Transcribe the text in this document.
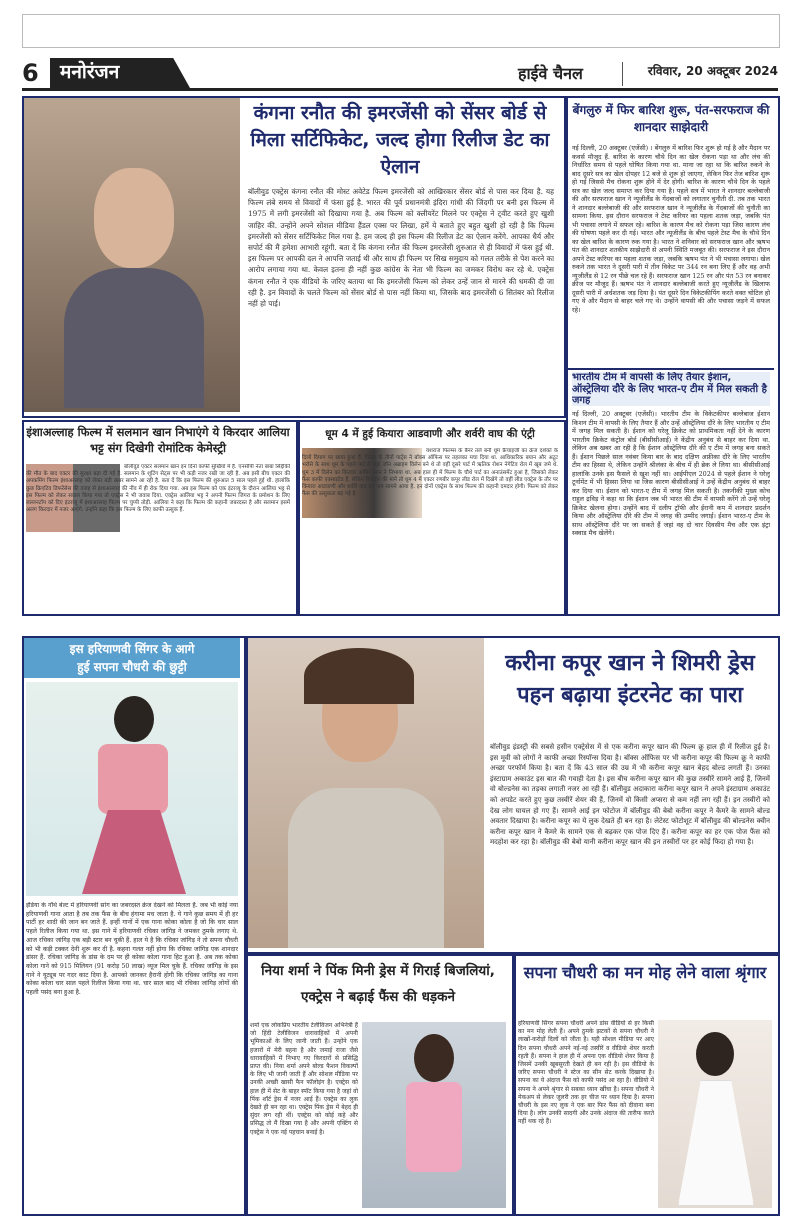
6	मनोरंजन	हाईवे चैनल	रविवार, 20 अक्टूबर 2024
कंगना रनौत की इमरजेंसी को सेंसर बोर्ड से मिला सर्टिफिकेट, जल्द होगा रिलीज डेट का ऐलान
बॉलीवुड एक्ट्रेस कंगना रनौत की मोस्ट अवेटेड फिल्म इमरजेंसी को आखिरकार सेंसर बोर्ड से पास कर दिया है. यह फिल्म लंबे समय से विवादों में फंसा हुई है. भारत की पूर्व प्रधानमंत्री इंदिरा गांधी की जिंदगी पर बनी इस फिल्म में 1975 में लगी इमरजेंसी को दिखाया गया है. अब फिल्म को क्लीयरेंट मिलने पर एक्ट्रेस ने ट्वीट करते हुए खुशी जाहिर की. उन्होंने अपने सोशल मीडिया हैंडल एक्स पर लिखा, हमें ये बताते हुए बहुत खुशी हो रही है कि फिल्म इमरजेंसी को सेंसर सर्टिफिकेट मिल गया है. हम जल्द ही इस फिल्म की रिलीज डेट का ऐलान करेंगे. आपका धैर्य और सपोर्ट की मैं हमेशा आभारी रहूंगी. बता दें कि कंगना रनौत की फिल्म इमरजेंसी शुरुआत से ही विवादों में फंस हुई थी. इस फिल्म पर आपकी दल ने आपत्ति जताई थी और साथ ही फिल्म पर सिख समुदाय को गलत तरीके से पेश करने का आरोप लगाया गया था. केवल इतना ही नहीं कुछ कांग्रेस के नेता भी फिल्म का जमकर विरोध कर रहे थे. एक्ट्रेस कंगना रनौत ने एक वीडियो के जरिए बताया था कि इमरजेंसी फिल्म को लेकर उन्हें जान से मारने की धमकी दी जा रही है. इन विवादों के चलते फिल्म को सेंसर बोर्ड से पास नहीं किया था, जिसके बाद इमरजेंसी 6 सितंबर को रिलीज नहीं हो पाई।
बेंगलुरु में फिर बारिश शुरू, पंत-सरफराज की शानदार साझेदारी
नई दिल्ली, 20 अक्टूबर (एजेंसी) । बेंगलुरु में बारिश फिर शुरू हो गई है और मैदान पर कवर्स मौजूद हैं. बारिश के कारण चौथे दिन का खेल रोकना पड़ा था और लंच की निर्धारित समय से पहले घोषित किया गया था. माना जा रहा था कि बारिश रुकने के बाद दूसरे सत्र का खेल दोपहर 12 बजे से शुरू हो जाएगा, लेकिन फिर तेज बारिश शुरू हो गई जिससे मैच रोकना शुरू होने में देर होगी। बारिश के कारण चौथे दिन के पहले सत्र का खेल जल्द समाप्त कर दिया गया है। पहले सत्र में भारत ने शानदार बल्लेबाजी की और सरफराज खान ने न्यूजीलैंड के गेंदबाजों को लगातार चुनौती दी. तब तक भारत ने शानदार बल्लेबाजी की और सरफराज खान ने न्यूजीलैंड के गेंदबाजों की चुनौती का सामना किया. इस दौरान सरफराज ने टेस्ट करियर का पहला शतक जड़ा, जबकि पंत भी पचासा लगाने में सफल रहे। बारिश के कारण मैच को रोकना पड़ा जिस कारण लंच की घोषणा पहले कर दी गई। भारत और न्यूजीलैंड के बीच पहले टेस्ट मैच के चौथे दिन का खेल बारिश के कारण रुक गया है। भारत ने शनिवार को सरफराज खान और ऋषभ पंत की शानदार शतकीय साझेदारी से अपनी स्थिति मजबूत की। सरफराज ने इस दौरान अपने टेस्ट करियर का पहला शतक जड़ा, जबकि ऋषभ पंत ने भी पचासा लगाया। खेल रुकने तक भारत ने दूसरी पारी में तीन विकेट पर 344 रन बना लिए हैं और वह अभी न्यूजीलैंड से 12 रन पीछे चल रहे हैं। सरफराज खान 125 रन और पंत 53 रन बनाकर क्रीज पर मौजूद हैं। ऋषभ पंत ने शानदार बल्लेबाजी करते हुए न्यूजीलैंड के खिलाफ दूसरी पारी में अर्धशतक जड़ दिया है। पंत दूसरे दिन विकेटकीपिंग करते वक्त चोटिल हो गए थे और मैदान से बाहर चले गए थे। उन्होंने वापसी की और पचासा जड़ने में सफल रहे।
भारतीय टीम में वापसी के लिए तैयार ईशान, ऑस्ट्रेलिया दौरे के लिए भारत-ए टीम में मिल सकती है जगह
नई दिल्ली, 20 अक्टूबर (एजेंसी)। भारतीय टीम के विकेटकीपर बल्लेबाज ईशान किशन टीम में वापसी के लिए तैयार हैं और उन्हें ऑस्ट्रेलिया दौरे के लिए भारतीय ए टीम में जगह मिल सकती है। ईशान को घरेलू क्रिकेट को प्राथमिकता नहीं देने के कारण भारतीय क्रिकेट कंट्रोल बोर्ड (बीसीसीआई) ने केंद्रीय अनुबंध से बाहर कर दिया था. लेकिन अब खबर आ रही है कि ईशान ऑस्ट्रेलिया दौरे की ए टीम में जगह बना सकते हैं। ईशान पिछले साल नवंबर किया बार के बाद दक्षिण अफ्रीका दौरे के लिए भारतीय टीम का हिस्सा थे, लेकिन उन्होंने श्रीलंका के बीच में ही ब्रेक ले लिया था। बीसीसीआई हालांकि उनके इस फैसले से खुश नहीं था। आईपीएल 2024 से पहले ईशान ने घरेलू टूर्नामेंट में भी हिस्सा लिया था जिस कारण बीसीसीआई ने उन्हें केंद्रीय अनुबंध से बाहर कर दिया था। ईशान को भारत-ए टीम में जगह मिल सकती है। तकनीकी मुख्य कोच राहुल द्रविड़ ने कहा था कि ईशान जब भी भारत की टीम में वापसी करेंगे तो उन्हें घरेलू क्रिकेट खेलना होगा। उन्होंने बाद में दलीप ट्रॉफी और ईरानी कप में शानदार प्रदर्शन किया और ऑस्ट्रेलिया दौरे की टीम में जगह की उम्मीद जगाई। ईशान भारत-ए टीम के साथ ऑस्ट्रेलिया दौरे पर जा सकते हैं जहां वह दो चार दिवसीय मैच और एक इंट्रा स्क्वाड मैच खेलेंगे।
इंशाअल्लाह फिल्म में सलमान खान निभाएंगे ये किरदार आलिया भट्ट संग दिखेगी रोमांटिक केमेस्ट्री
बॉलीवुड एक्टर सलमान खान इन दिनों काफी सुर्खियों में हैं. एनसीपी नेता बाबा सिद्दीकी की मौत के बाद एक्टर की सुरक्षा बढ़ा दी गई है. सलमान के शूटिंग सेट्स पर भी कड़ी नजर रखी जा रही है. अब इसी बीच एक्टर की अपकमिंग फिल्म इंशाअल्लाह को लेकर बड़ी खबर सामने आ रही है. बता दें कि इस फिल्म की शुरुआत 5 साल पहले हुई थी. हालांकि कुछ क्रिएटिव डिफरेंसेस की वजह से इंशाअल्लाह की नींव में ही रोक दिया गया. अब इस फिल्म को एक इंटरव्यू के दौरान आलिया भट्ट से इस फिल्म को लेकर सवाल किया गया तो एक्ट्रेस ने भी जवाब दिया. एक्ट्रेस आलिया भट्ट ने अपनी फिल्म जिगरा के प्रमोशन के लिए लल्लनटॉप को दिए इंटरव्यू में इंशाअल्लाह फिल्म पर चुप्पी तोड़ी. आलिया ने कहा कि फिल्म की कहानी जबरदस्त है और सलमान इसमें अलग किरदार में नजर आएंगे. उन्होंने कहा कि इस फिल्म के लिए काफी उत्सुक हैं.
धूम 4 में हुई कियारा आडवाणी और शर्वरी वाघ की एंट्री
यशराज फिल्म्स के बैनर तले बनी धूम फ्रैंचाइजी का क्रेज दर्शकों के दिलों दिमाग पर छाया हुआ है. फिल्म के तीनों पार्ट्स ने बॉक्स ऑफिस पर तहलका मचा दिया था. आधिकारिक बयान और अटूट भरोसे के साथ धूम के पहले पार्ट में जहां जॉन अब्राहम विलेन बने थे तो वहीं दूसरे पार्ट में ऋतिक रोशन नेगेटिव रोल में खूब जमे थे. धूम 3 में विलेन का किरदार आमिर खान ने निभाया था. अब हाल ही में फिल्म के चौथे पार्ट का अनाउंसमेंट हुआ है, जिसको लेकर फैंस काफी एक्साइटेड हैं. लेकिन रिपोर्ट्स की मानें तो धूम 4 में एक्टर रणबीर कपूर लीड रोल में दिखेंगे तो वहीं लीड एक्ट्रेस के तौर पर कियारा आडवाणी और शर्वरी वाघ का नाम सामने आया है. इन दोनों एक्ट्रेस के साथ फिल्म की कहानी दमदार होगी। फिल्म को लेकर फैंस की उत्सुकता बढ़ गई है.
इस हरियाणवी सिंगर के आगे
हुई सपना चौधरी की छुट्टी
इंडिया के नॉर्थ बेल्ट में हरियाणवी सांग का जबरदस्त क्रेज देखने को मिलता है. जब भी कोई नया हरियाणवी गाना आता है तब तक फैंस के बीच हंगामा मच जाता है. ये गाने कुछ समय में ही हर पार्टी हर शादी की जान बन जाते हैं. इन्हीं गानों में एक गाना कोका कोला है जो कि चार साल पहले रिलीज किया गया था. इस गाने में हरियाणवी रचिका जांगिड़ ने जमकर ठुमके लगाए थे. आज रचिका जांगिड़ एक बड़ी स्टार बन चुकी हैं. हाल ये है कि रचिका जांगिड़ ने तो सपना चौधरी को भी कड़ी टक्कर देनी शुरू कर दी है. कहना गलत नहीं होगा कि रचिका जांगिड़ एक शानदार डांसर हैं. रचिका जांगिड़ के डांस के दम पर ही कोका कोला गाना हिट हुआ है. अब तक कोका कोला गाने को 915 मिलियन (91 करोड़ 50 लाख) व्यूज मिल चुके हैं. रचिका जांगिड़ के इस गाने ने यूट्यूब पर गदर काट दिया है. आपको जानकर हैरानी होगी कि रचिका जांगिड़ का गाना कोका कोला चार साल पहले रिलीज किया गया था. चार साल बाद भी रचिका जांगिड़ लोगों की पहली पसंद बना हुआ है.
करीना कपूर खान ने शिमरी ड्रेस पहन बढ़ाया इंटरनेट का पारा
बॉलीवुड इंडस्ट्री की सबसे हसीन एक्ट्रेसेस में से एक करीना कपूर खान की फिल्म क्रू हाल ही में रिलीज हुई है। इस मूवी को लोगों ने काफी अच्छा रिस्पॉन्स दिया है। बॉक्स ऑफिस पर भी करीना कपूर की फिल्म क्रू ने काफी अच्छा परफॉर्म किया है। बता दें कि 43 साल की उम्र में भी करीना कपूर खान बेहद बोल्ड लगती हैं। उनका इंस्टाग्राम अकाउंट इस बात की गवाही देता है। इस बीच करीना कपूर खान की कुछ तस्वीरें सामने आई हैं, जिनमें वो बोल्डनेस का तड़का लगाती नजर आ रही हैं। बॉलीवुड अदाकारा करीना कपूर खान ने अपने इंस्टाग्राम अकाउंट को अपडेट करते हुए कुछ तस्वीरें शेयर की हैं, जिनमें वो किसी अप्सरा से कम नहीं लग रही हैं। इन तस्वीरों को देख लोग घायल हो गए हैं। सामने आई इन फोटोज में बॉलीवुड की बेबो करीना कपूर ने कैमरे के सामने बोल्ड अवतार दिखाया है। करीना कपूर का ये लुक देखते ही बन रहा है। लेटेस्ट फोटोशूट में बॉलीवुड की बोल्डनेस क्वीन करीना कपूर खान ने कैमरे के सामने एक से बढ़कर एक पोज दिए हैं। करीना कपूर का हर एक पोज फैंस को मदहोश कर रहा है। बॉलीवुड की बेबो यानी करीना कपूर खान की इन तस्वीरों पर हर कोई फिदा हो गया है।
निया शर्मा ने पिंक मिनी ड्रेस में गिराई बिजलियां, एक्ट्रेस ने बढ़ाई फैंस की धड़कने
शर्मा एक लोकप्रिय भारतीय टेलीविजन अभिनेत्री हैं जो हिंदी टेलीविजन धारावाहिकों में अपनी भूमिकाओं के लिए जानी जाती हैं। उन्होंने एक हजारों में मेरी बहना है और जमाई राजा जैसे धारावाहिकों में निभाए गए किरदारों से प्रसिद्धि प्राप्त की। निया शर्मा अपने बोल्ड फैशन विकल्पों के लिए भी जानी जाती हैं और सोशल मीडिया पर उनकी अच्छी खासी फैन फॉलोइंग है। एक्ट्रेस को हाल ही में सेट के बाहर स्पॉट किया गया है जहां वो पिंक शॉर्ट ड्रेस में नजर आई हैं। एक्ट्रेस का लुक देखते ही बन रहा था। एक्ट्रेस पिंक ड्रेस में बेहद ही सुंदर लग रही थीं। एक्ट्रेस को कोई कहे और प्रसिद्ध तो मैं दिखा गया है और अपनी एक्टिंग से एक्ट्रेस ने एक नई पहचान बनाई है।
सपना चौधरी का मन मोह लेने वाला श्रृंगार
हरियाणवी सिंगर सपना चौधरी अपने डांस वीडियो से हर किसी का मन मोह लेती हैं। अपने ठुमके झटकों से सपना चौधरी ने लाखों-करोड़ों दिलों को जीता है। यही सोशल मीडिया पर आए दिन सपना चौधरी अपने नई-नई तस्वीरें व वीडियो शेयर करती रहती हैं। सपना ने हाल ही में अपना एक वीडियो शेयर किया है जिसमें उनकी खूबसूरती देखते ही बन रही है। इस वीडियो के जरिए सपना चौधरी ने स्टेज का सीन सेट करके दिखाया है। सपना का ये अंदाज फैंस को काफी पसंद आ रहा है। वीडियो में सपना ने अपने श्रृंगार से सबका ध्यान खींचा है। सपना चौधरी ने मेकअप से लेकर जूलरी तक हर चीज पर ध्यान दिया है। सपना चौधरी के इस नए लुक ने एक बार फिर फैंस को दीवाना बना दिया है। लोग उनकी सादगी और उनके अंदाज की तारीफ करते नहीं थक रहे हैं।
